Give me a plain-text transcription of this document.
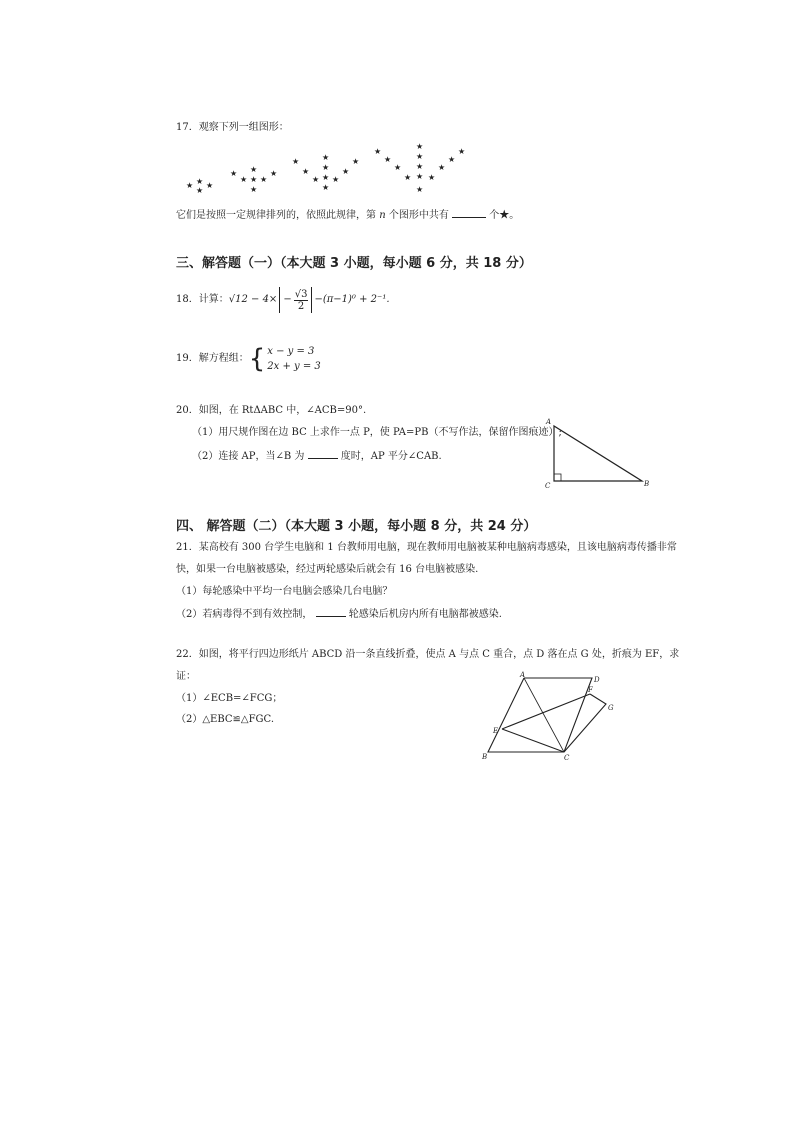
17．观察下列一组图形：
★ ★ ★
★
★
★
★
★
★
★
★
★
★
★
★
★
★
★
★
★
★
★
★
★
★
★
★
★
★
★
★
★
★
★
它们是按照一定规律排列的，依照此规律，第 n 个图形中共有	个★。
三、解答题（一）（本大题 3 小题，每小题 6 分，共 18 分）
18．计算： $√12 - 4\times - \frac{√3}{2} -(\pi-1)^0 + 2^{-1}$.
19．解方程组： { x − y = 3
2x + y = 3
20．如图，在 RtΔABC 中，∠ACB=90°.
（1）用尺规作图在边 BC 上求作一点 P，使 PA=PB（不写作法，保留作图痕迹）;
（2）连接 AP，当∠B 为	度时，AP 平分∠CAB.
A
C	B
四、 解答题（二）（本大题 3 小题，每小题 8 分，共 24 分）
21．某高校有 300 台学生电脑和 1 台教师用电脑，现在教师用电脑被某种电脑病毒感染，且该电脑病毒传播非常
快，如果一台电脑被感染，经过两轮感染后就会有 16 台电脑被感染.
（1）每轮感染中平均一台电脑会感染几台电脑？
（2）若病毒得不到有效控制，	轮感染后机房内所有电脑都被感染.
22．如图，将平行四边形纸片 ABCD 沿一条直线折叠，使点 A 与点 C 重合，点 D 落在点 G 处，折痕为 EF，求
证：
（1）∠ECB=∠FCG；
（2）△EBC≌△FGC.
A
D
F
G
E
B	C
